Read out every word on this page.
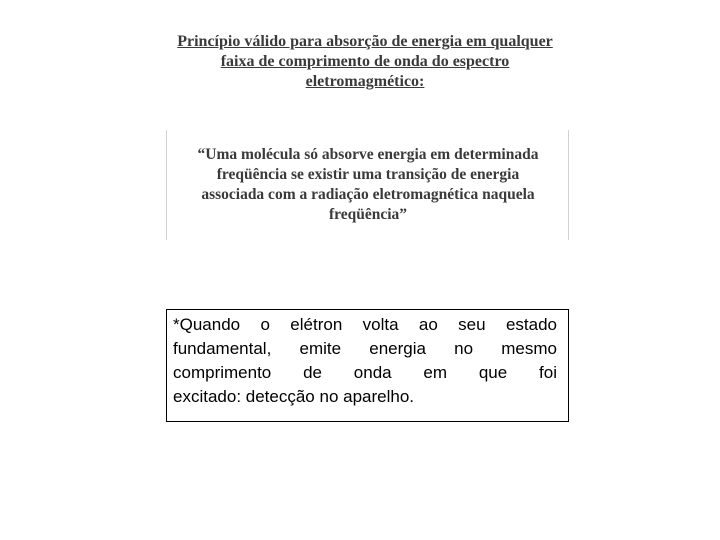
Princípio válido para absorção de energia em qualquer
faixa de comprimento de onda do espectro
eletromagmético:
“Uma molécula só absorve energia em determinada
freqüência se existir uma transição de energia
associada com a radiação eletromagnética naquela
freqüência”
*Quando o elétron volta ao seu estado
fundamental, emite energia no mesmo
comprimento de onda em que foi
excitado: detecção no aparelho.
